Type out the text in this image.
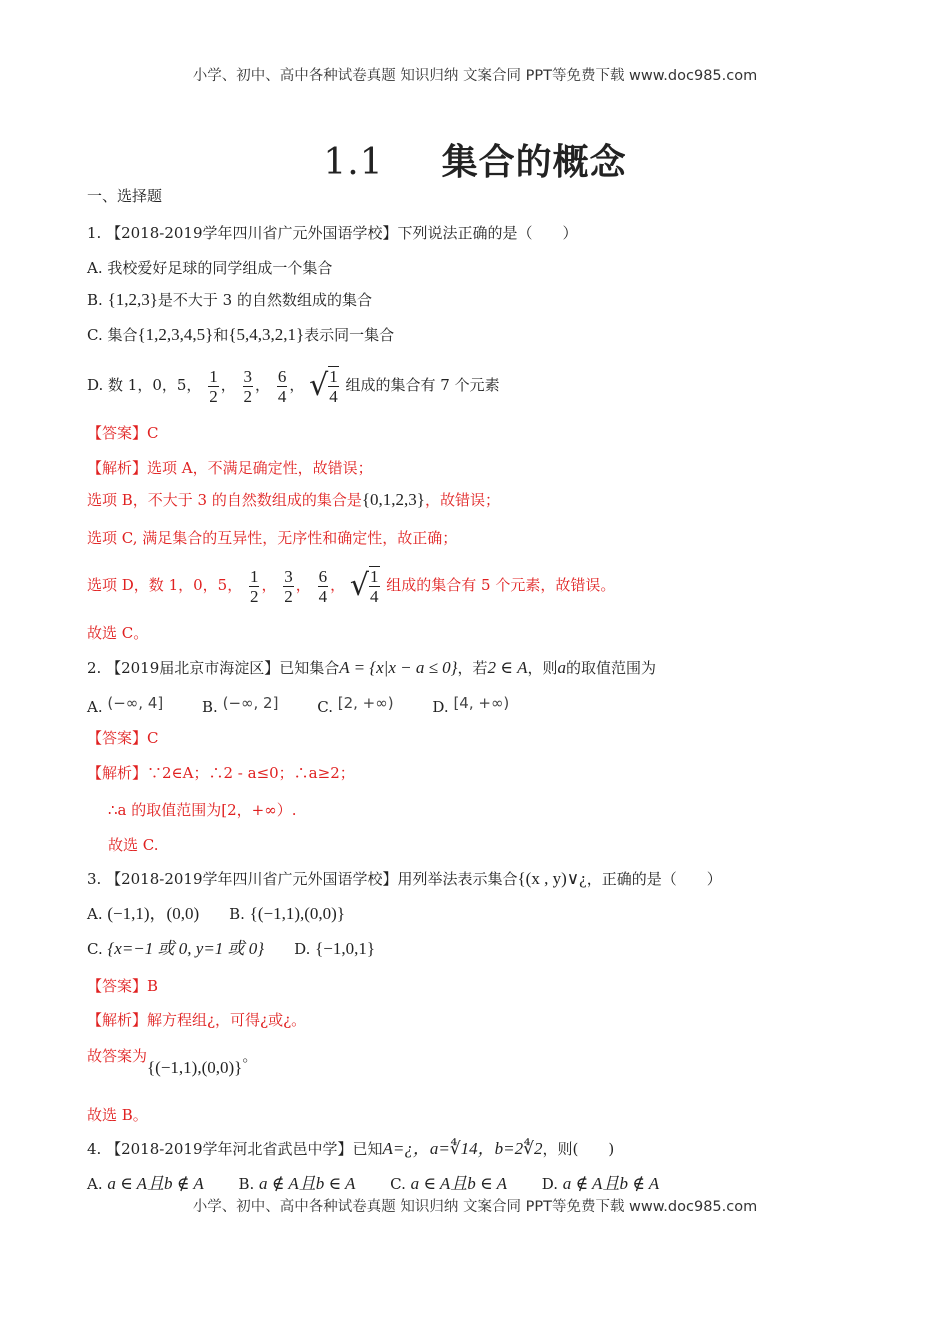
小学、初中、高中各种试卷真题 知识归纳 文案合同 PPT等免费下载 www.doc985.com
1.1 集合的概念
一、选择题
1. 【2018-2019学年四川省广元外国语学校】下列说法正确的是（　　）
A. 我校爱好足球的同学组成一个集合
B. {1,2,3}是不大于 3 的自然数组成的集合
C. 集合{1,2,3,4,5}和{5,4,3,2,1}表示同一集合
D. 数 1，0，5， $\frac{1}{2}$ ， $\frac{3}{2}$ ， $\frac{6}{4}$ ， √ $\frac{1}{4}$ 组成的集合有 7 个元素
【答案】C
【解析】选项 A，不满足确定性，故错误；
选项 B，不大于 3 的自然数组成的集合是{0,1,2,3}，故错误；
选项 C, 满足集合的互异性，无序性和确定性，故正确；
选项 D，数 1，0，5， $\frac{1}{2}$ ， $\frac{3}{2}$ ， $\frac{6}{4}$ ， √ $\frac{1}{4}$ 组成的集合有 5 个元素，故错误。
故选 C。
2. 【2019届北京市海淀区】已知集合A = {x|x − a ≤ 0}，若2 ∈ A，则a的取值范围为
A. (−∞, 4]	B. (−∞, 2]	C. [2, +∞)	D. [4, +∞)
【答案】C
【解析】∵2∈A；∴2 - a≤0；∴a≥2；
∴a 的取值范围为[2，+∞）.
故选 C.
3. 【2018-2019学年四川省广元外国语学校】用列举法表示集合{(x , y)∨¿，正确的是（　　）
A. (−1,1)，(0,0) B. {(−1,1),(0,0)}
C. {x=−1 或 0, y=1 或 0} D. {−1,0,1}
【答案】B
【解析】解方程组¿，可得¿或¿。
故答案为{(−1,1),(0,0)}。
故选 B。
4. 【2018-2019学年河北省武邑中学】已知A=¿，a=∜14，b=2∜2，则(　　)
A. a ∈ A且b ∉ A B. a ∉ A且b ∈ A C. a ∈ A且b ∈ A D. a ∉ A且b ∉ A
小学、初中、高中各种试卷真题 知识归纳 文案合同 PPT等免费下载 www.doc985.com
